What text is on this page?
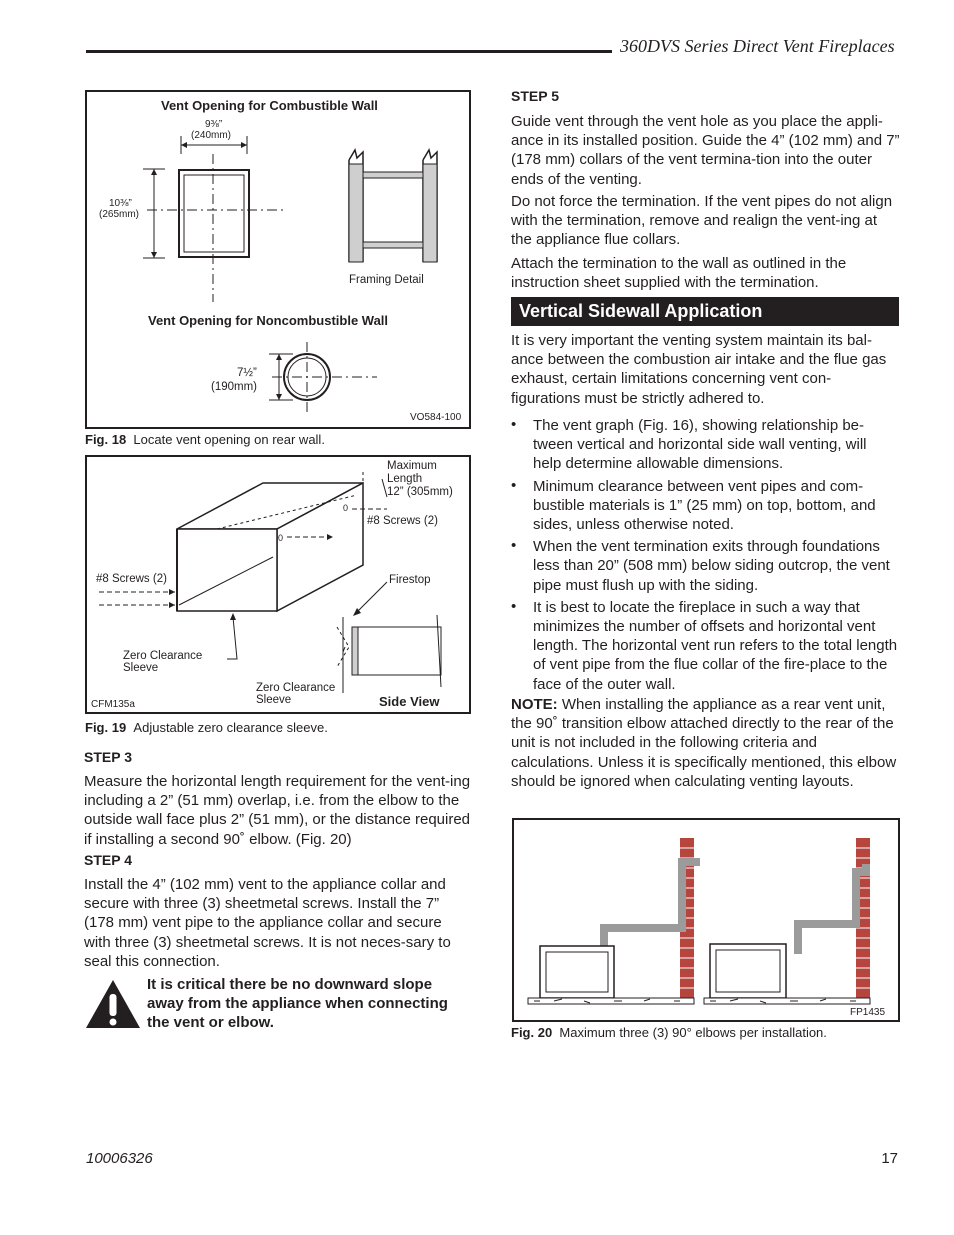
360DVS Series Direct Vent Fireplaces
Vent Opening for Combustible Wall
9⅜”
(240mm)
10⅜”
(265mm)
Framing Detail
Vent Opening for Noncombustible Wall
7½”
(190mm)
VO584-100
Fig. 18 Locate vent opening on rear wall.
0
0
Maximum
Length
12” (305mm)
#8 Screws (2)
#8 Screws (2)	Firestop
Zero Clearance
Sleeve
Zero Clearance
Sleeve	Side View
CFM135a
Fig. 19 Adjustable zero clearance sleeve.
STEP 3
Measure the horizontal length requirement for the vent-ing including a 2” (51 mm) overlap, i.e. from the elbow to the outside wall face plus 2” (51 mm), or the distance required if installing a second 90˚ elbow. (Fig. 20)
STEP 4
Install the 4” (102 mm) vent to the appliance collar and secure with three (3) sheetmetal screws. Install the 7” (178 mm) vent pipe to the appliance collar and secure with three (3) sheetmetal screws. It is not neces-sary to seal this connection.
It is critical there be no downward slope away from the appliance when connecting the vent or elbow.
STEP 5
Guide vent through the vent hole as you place the appli-ance in its installed position. Guide the 4” (102 mm) and 7” (178 mm) collars of the vent termina-tion into the outer ends of the venting.
Do not force the termination. If the vent pipes do not align with the termination, remove and realign the vent-ing at the appliance flue collars.
Attach the termination to the wall as outlined in the instruction sheet supplied with the termination.
Vertical Sidewall Application
It is very important the venting system maintain its bal-ance between the combustion air intake and the flue gas exhaust, certain limitations concerning vent con-figurations must be strictly adhered to.
• The vent graph (Fig. 16), showing relationship be-tween vertical and horizontal side wall venting, will help determine allowable dimensions.
• Minimum clearance between vent pipes and com-bustible materials is 1” (25 mm) on top, bottom, and sides, unless otherwise noted.
• When the vent termination exits through foundations less than 20” (508 mm) below siding outcrop, the vent pipe must flush up with the siding.
• It is best to locate the fireplace in such a way that minimizes the number of offsets and horizontal vent length. The horizontal vent run refers to the total length of vent pipe from the flue collar of the fire-place to the face of the outer wall.
NOTE: When installing the appliance as a rear vent unit, the 90˚ transition elbow attached directly to the rear of the unit is not included in the following criteria and calculations. Unless it is specifically mentioned, this elbow should be ignored when calculating venting layouts.
FP1435
Fig. 20 Maximum three (3) 90° elbows per installation.
10006326	17
